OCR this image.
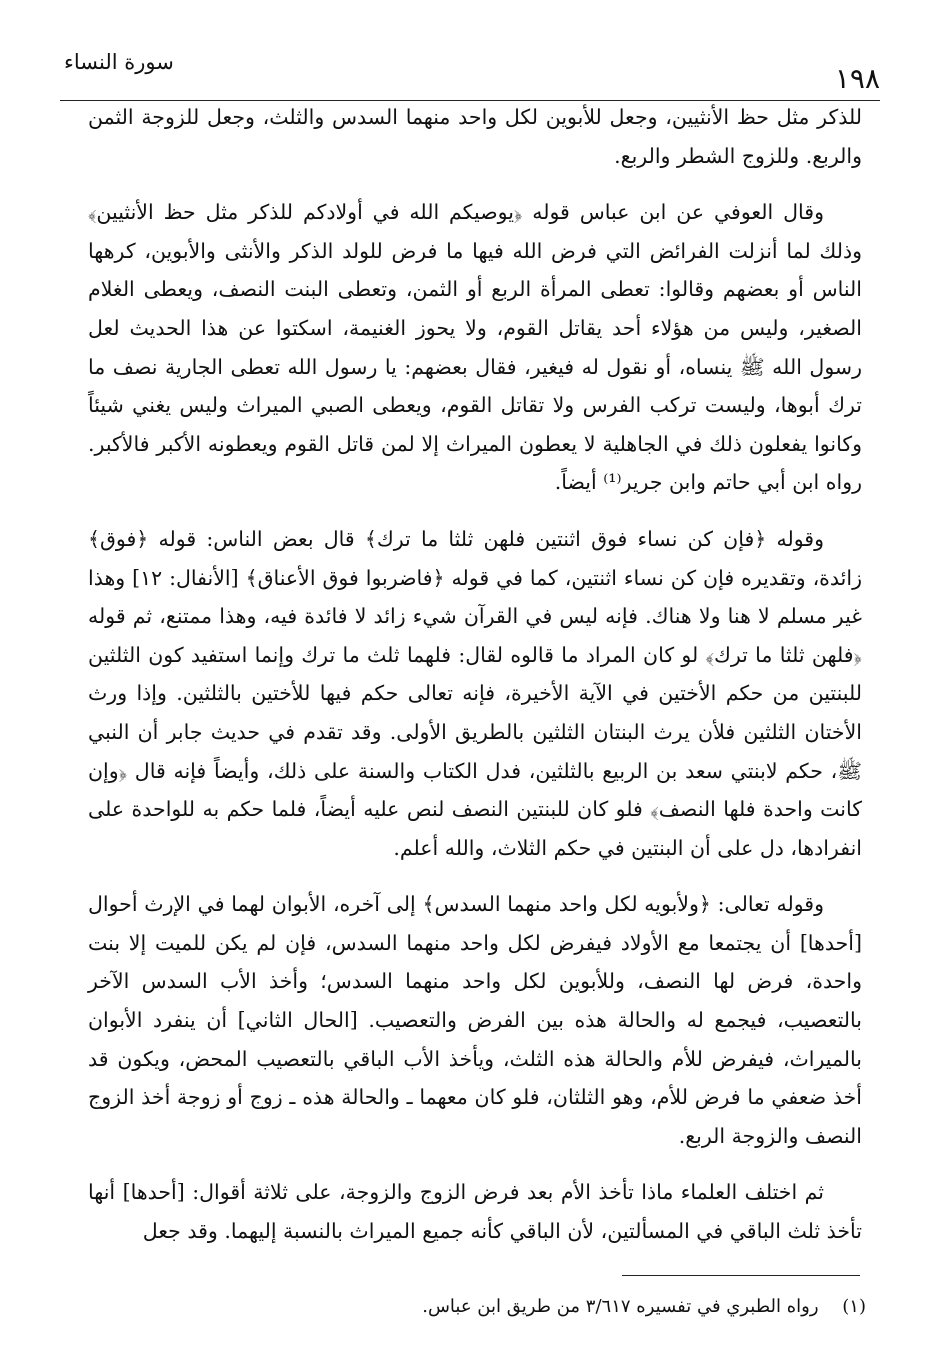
١٩٨
سورة النساء

للذكر مثل حظ الأنثيين، وجعل للأبوين لكل واحد منهما السدس والثلث، وجعل للزوجة الثمن والربع. وللزوج الشطر والربع.

وقال العوفي عن ابن عباس قوله ﴿يوصيكم الله في أولادكم للذكر مثل حظ الأنثيين﴾ وذلك لما أنزلت الفرائض التي فرض الله فيها ما فرض للولد الذكر والأنثى والأبوين، كرهها الناس أو بعضهم وقالوا: تعطى المرأة الربع أو الثمن، وتعطى البنت النصف، ويعطى الغلام الصغير، وليس من هؤلاء أحد يقاتل القوم، ولا يحوز الغنيمة، اسكتوا عن هذا الحديث لعل رسول الله ﷺ ينساه، أو نقول له فيغير، فقال بعضهم: يا رسول الله تعطى الجارية نصف ما ترك أبوها، وليست تركب الفرس ولا تقاتل القوم، ويعطى الصبي الميراث وليس يغني شيئاً وكانوا يفعلون ذلك في الجاهلية لا يعطون الميراث إلا لمن قاتل القوم ويعطونه الأكبر فالأكبر. رواه ابن أبي حاتم وابن جرير⁽¹⁾ أيضاً.

وقوله ﴿فإن كن نساء فوق اثنتين فلهن ثلثا ما ترك﴾ قال بعض الناس: قوله ﴿فوق﴾ زائدة، وتقديره فإن كن نساء اثنتين، كما في قوله ﴿فاضربوا فوق الأعناق﴾ [الأنفال: ١٢] وهذا غير مسلم لا هنا ولا هناك. فإنه ليس في القرآن شيء زائد لا فائدة فيه، وهذا ممتنع، ثم قوله ﴿فلهن ثلثا ما ترك﴾ لو كان المراد ما قالوه لقال: فلهما ثلث ما ترك وإنما استفيد كون الثلثين للبنتين من حكم الأختين في الآية الأخيرة، فإنه تعالى حكم فيها للأختين بالثلثين. وإذا ورث الأختان الثلثين فلأن يرث البنتان الثلثين بالطريق الأولى. وقد تقدم في حديث جابر أن النبي ﷺ، حكم لابنتي سعد بن الربيع بالثلثين، فدل الكتاب والسنة على ذلك، وأيضاً فإنه قال ﴿وإن كانت واحدة فلها النصف﴾ فلو كان للبنتين النصف لنص عليه أيضاً، فلما حكم به للواحدة على انفرادها، دل على أن البنتين في حكم الثلاث، والله أعلم.

وقوله تعالى: ﴿ولأبويه لكل واحد منهما السدس﴾ إلى آخره، الأبوان لهما في الإرث أحوال [أحدها] أن يجتمعا مع الأولاد فيفرض لكل واحد منهما السدس، فإن لم يكن للميت إلا بنت واحدة، فرض لها النصف، وللأبوين لكل واحد منهما السدس؛ وأخذ الأب السدس الآخر بالتعصيب، فيجمع له والحالة هذه بين الفرض والتعصيب. [الحال الثاني] أن ينفرد الأبوان بالميراث، فيفرض للأم والحالة هذه الثلث، ويأخذ الأب الباقي بالتعصيب المحض، ويكون قد أخذ ضعفي ما فرض للأم، وهو الثلثان، فلو كان معهما ـ والحالة هذه ـ زوج أو زوجة أخذ الزوج النصف والزوجة الربع.

ثم اختلف العلماء ماذا تأخذ الأم بعد فرض الزوج والزوجة، على ثلاثة أقوال: [أحدها] أنها تأخذ ثلث الباقي في المسألتين، لأن الباقي كأنه جميع الميراث بالنسبة إليهما. وقد جعل

(١) رواه الطبري في تفسيره ٣/٦١٧ من طريق ابن عباس.
